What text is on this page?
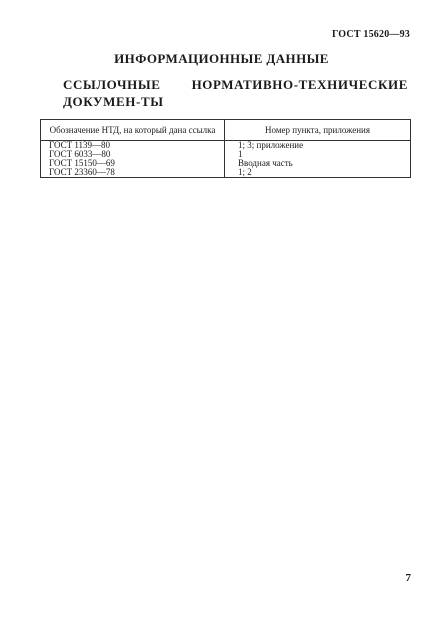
ГОСТ 15620—93
ИНФОРМАЦИОННЫЕ ДАННЫЕ
ССЫЛОЧНЫЕ НОРМАТИВНО-ТЕХНИЧЕСКИЕ ДОКУМЕН-ТЫ
Обозначение НТД, на который дана ссылка	Номер пункта, приложения
ГОСТ 1139—80	1; 3; приложение
ГОСТ 6033—80	1
ГОСТ 15150—69	Вводная часть
ГОСТ 23360—78	1; 2
7
